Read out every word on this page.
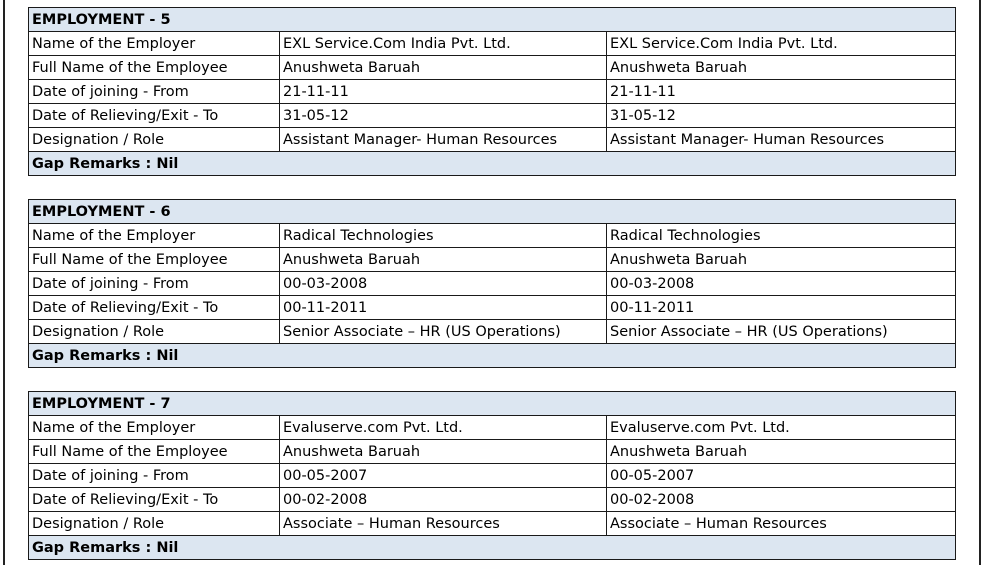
EMPLOYMENT - 5		
Name of the Employer	EXL Service.Com India Pvt. Ltd.	EXL Service.Com India Pvt. Ltd.
Full Name of the Employee	Anushweta Baruah	Anushweta Baruah
Date of joining - From	21-11-11	21-11-11
Date of Relieving/Exit - To	31-05-12	31-05-12
Designation / Role	Assistant Manager- Human Resources	Assistant Manager- Human Resources
Gap Remarks : Nil		
EMPLOYMENT - 6		
Name of the Employer	Radical Technologies	Radical Technologies
Full Name of the Employee	Anushweta Baruah	Anushweta Baruah
Date of joining - From	00-03-2008	00-03-2008
Date of Relieving/Exit - To	00-11-2011	00-11-2011
Designation / Role	Senior Associate – HR (US Operations)	Senior Associate – HR (US Operations)
Gap Remarks : Nil		
EMPLOYMENT - 7		
Name of the Employer	Evaluserve.com Pvt. Ltd.	Evaluserve.com Pvt. Ltd.
Full Name of the Employee	Anushweta Baruah	Anushweta Baruah
Date of joining - From	00-05-2007	00-05-2007
Date of Relieving/Exit - To	00-02-2008	00-02-2008
Designation / Role	Associate – Human Resources	Associate – Human Resources
Gap Remarks : Nil		
